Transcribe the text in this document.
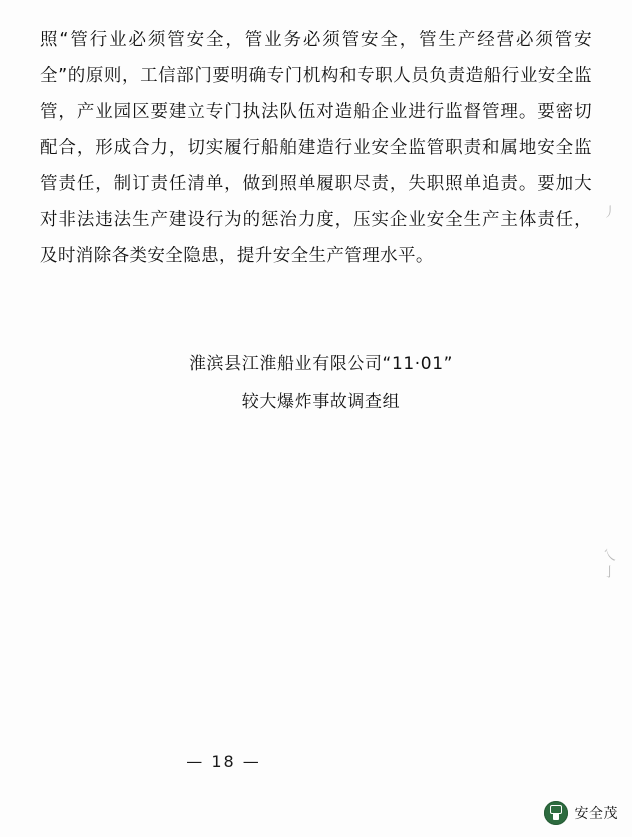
照“管行业必须管安全，管业务必须管安全，管生产经营必须管安全”的原则，工信部门要明确专门机构和专职人员负责造船行业安全监管，产业园区要建立专门执法队伍对造船企业进行监督管理。要密切配合，形成合力，切实履行船舶建造行业安全监管职责和属地安全监管责任，制订责任清单，做到照单履职尽责，失职照单追责。要加大对非法违法生产建设行为的惩治力度，压实企业安全生产主体责任，及时消除各类安全隐患，提升安全生产管理水平。

淮滨县江淮船业有限公司“11·01”
较大爆炸事故调查组
— 18 —
丿
乀 亅
安全茂
